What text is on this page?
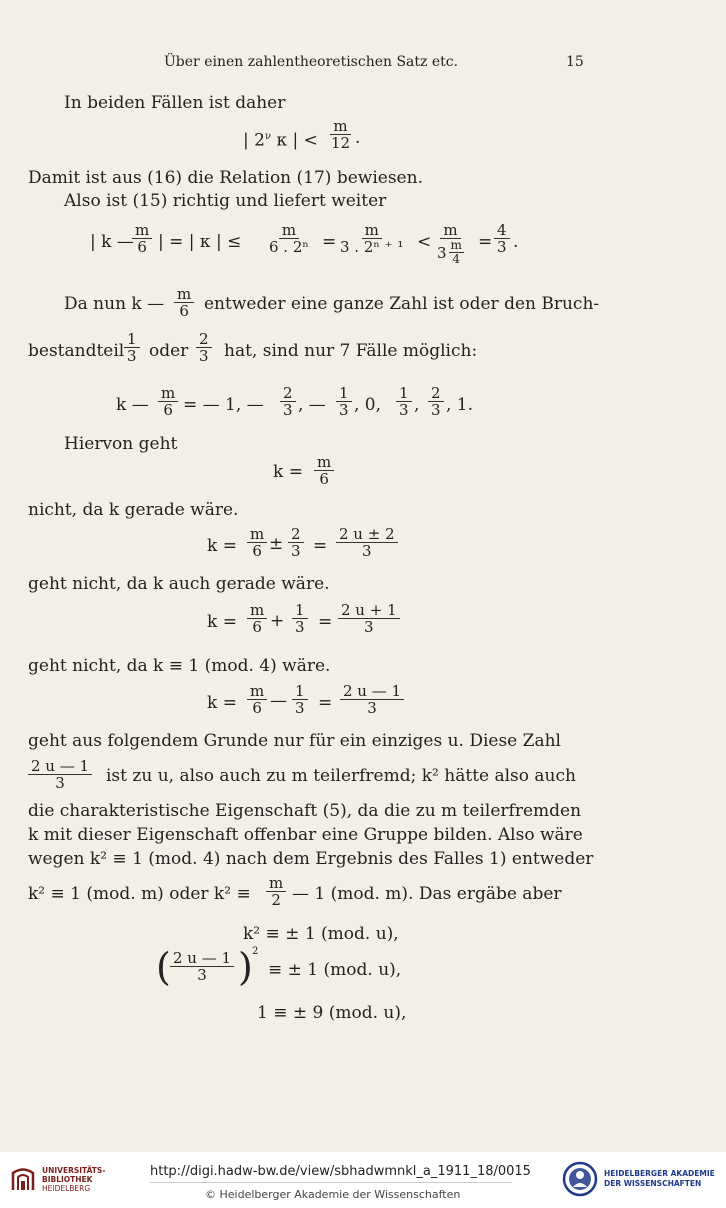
Über einen zahlentheoretischen Satz etc.	15
In beiden Fällen ist daher
| $2^\nu$ κ | < $\frac{m}{12}$ .
Damit ist aus (16) die Relation (17) bewiesen.
Also ist (15) richtig und liefert weiter
| k —
$\frac{m}{6}$ | = | κ | ≤ $\frac{m}{\text{6 . 2ⁿ}} = \frac{m}{\text{3 . 2ⁿ ⁺ ¹}}$ <
m
3 m
4
= $\frac{4}{3}$ .
Da nun k — $\frac{m}{6}$ entweder eine ganze Zahl ist oder den Bruch-
bestandteil $\frac{1}{3}$ oder $\frac{2}{3}$ hat, sind nur 7 Fälle möglich:
k — $\frac{m}{6}$ = — 1, — $\frac{2}{3}$ , — $\frac{1}{3}$ , 0, $\frac{1}{3}$ , $\frac{2}{3}$ , 1.
Hiervon geht
$k = \frac{m}{6}$
nicht, da k gerade wäre.
$k = \frac{m}{6} \pm \frac{2}{3} = \frac{2 u \pm 2}{3}$
geht nicht, da k auch gerade wäre.
$k = \frac{m}{6} + \frac{1}{3} = \frac{2 u + 1}{3}$
geht nicht, da k ≡ 1 (mod. 4) wäre.
$k = \frac{m}{6}$ — $\frac{1}{3} = \frac{2 u — 1}{3}$
geht aus folgendem Grunde nur für ein einziges u. Diese Zahl
$\frac{2 u — 1}{3}$ ist zu u, also auch zu m teilerfremd; k² hätte also auch
die charakteristische Eigenschaft (5), da die zu m teilerfremden
k mit dieser Eigenschaft offenbar eine Gruppe bilden. Also wäre
wegen k² ≡ 1 (mod. 4) nach dem Ergebnis des Falles 1) entweder
k² ≡ 1 (mod. m) oder $k^2 \equiv \frac{m}{2}$ — 1 (mod. m). Das ergäbe aber
k² ≡ ± 1 (mod. u),
( $\frac{2 u — 1}{3}$ ) 2
≡ ± 1 (mod. u),
1 ≡ ± 9 (mod. u),
UNIVERSITÄTS-
BIBLIOTHEK
HEIDELBERG
http://digi.hadw-bw.de/view/sbhadwmnkl_a_1911_18/0015
© Heidelberger Akademie der Wissenschaften
HEIDELBERGER AKADEMIE
DER WISSENSCHAFTEN
